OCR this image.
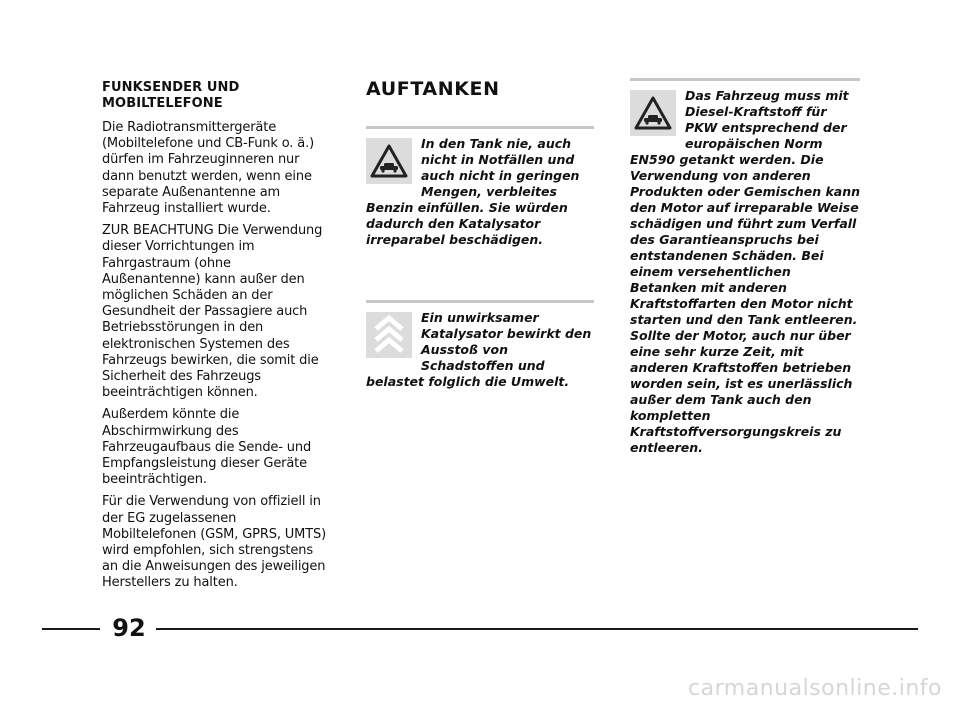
FUNKSENDER UND MOBILTELEFONE

Die Radiotransmittergeräte (Mobiltelefone und CB-Funk o. ä.) dürfen im Fahrzeuginneren nur dann benutzt werden, wenn eine separate Außenantenne am Fahrzeug installiert wurde.

ZUR BEACHTUNG Die Verwendung dieser Vorrichtungen im Fahrgastraum (ohne Außenantenne) kann außer den möglichen Schäden an der Gesundheit der Passagiere auch Betriebsstörungen in den elektronischen Systemen des Fahrzeugs bewirken, die somit die Sicherheit des Fahrzeugs beeinträchtigen können.

Außerdem könnte die Abschirmwirkung des Fahrzeugaufbaus die Sende- und Empfangsleistung dieser Geräte beeinträchtigen.

Für die Verwendung von offiziell in der EG zugelassenen Mobiltelefonen (GSM, GPRS, UMTS) wird empfohlen, sich strengstens an die Anweisungen des jeweiligen Herstellers zu halten.

AUFTANKEN
In den Tank nie, auch nicht in Notfällen und auch nicht in geringen Mengen, verbleites Benzin einfüllen. Sie würden dadurch den Katalysator irreparabel beschädigen.
Ein unwirksamer Katalysator bewirkt den Ausstoß von Schadstoffen und belastet folglich die Umwelt.
Das Fahrzeug muss mit Diesel-Kraftstoff für PKW entsprechend der europäischen Norm EN590 getankt werden. Die Verwendung von anderen Produkten oder Gemischen kann den Motor auf irreparable Weise schädigen und führt zum Verfall des Garantieanspruchs bei entstandenen Schäden. Bei einem versehentlichen Betanken mit anderen Kraftstoffarten den Motor nicht starten und den Tank entleeren. Sollte der Motor, auch nur über eine sehr kurze Zeit, mit anderen Kraftstoffen betrieben worden sein, ist es unerlässlich außer dem Tank auch den kompletten Kraftstoffversorgungskreis zu entleeren.
92
carmanualsonline.info
